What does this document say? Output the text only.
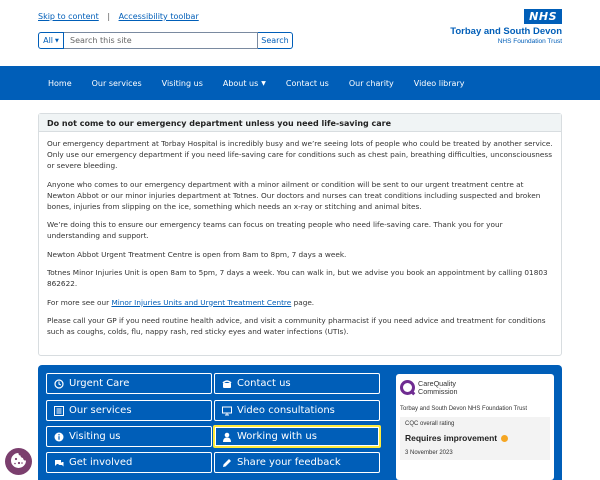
Skip to content | Accessibility toolbar
All ▼	Search this site	Search
NHS
Torbay and South Devon
NHS Foundation Trust
Home	Our services	Visiting us	About us ▼	Contact us	Our charity	Video library
Do not come to our emergency department unless you need life-saving care

Our emergency department at Torbay Hospital is incredibly busy and we’re seeing lots of people who could be treated by another service. Only use our emergency department if you need life-saving care for conditions such as chest pain, breathing difficulties, unconsciousness or severe bleeding.

Anyone who comes to our emergency department with a minor ailment or condition will be sent to our urgent treatment centre at Newton Abbot or our minor injuries department at Totnes. Our doctors and nurses can treat conditions including suspected and broken bones, injuries from slipping on the ice, something which needs an x-ray or stitching and animal bites.

We’re doing this to ensure our emergency teams can focus on treating people who need life-saving care. Thank you for your understanding and support.

Newton Abbot Urgent Treatment Centre is open from 8am to 8pm, 7 days a week.

Totnes Minor Injuries Unit is open 8am to 5pm, 7 days a week. You can walk in, but we advise you book an appointment by calling 01803 862622.

For more see our Minor Injuries Units and Urgent Treatment Centre page.

Please call your GP if you need routine health advice, and visit a community pharmacist if you need advice and treatment for conditions such as coughs, colds, flu, nappy rash, red sticky eyes and water infections (UTIs).

Urgent Care	Contact us
Our services	Video consultations
Visiting us	Working with us
Get involved	Share your feedback
CareQuality
Commission
Torbay and South Devon NHS Foundation Trust
CQC overall rating
Requires improvement
3 November 2023
